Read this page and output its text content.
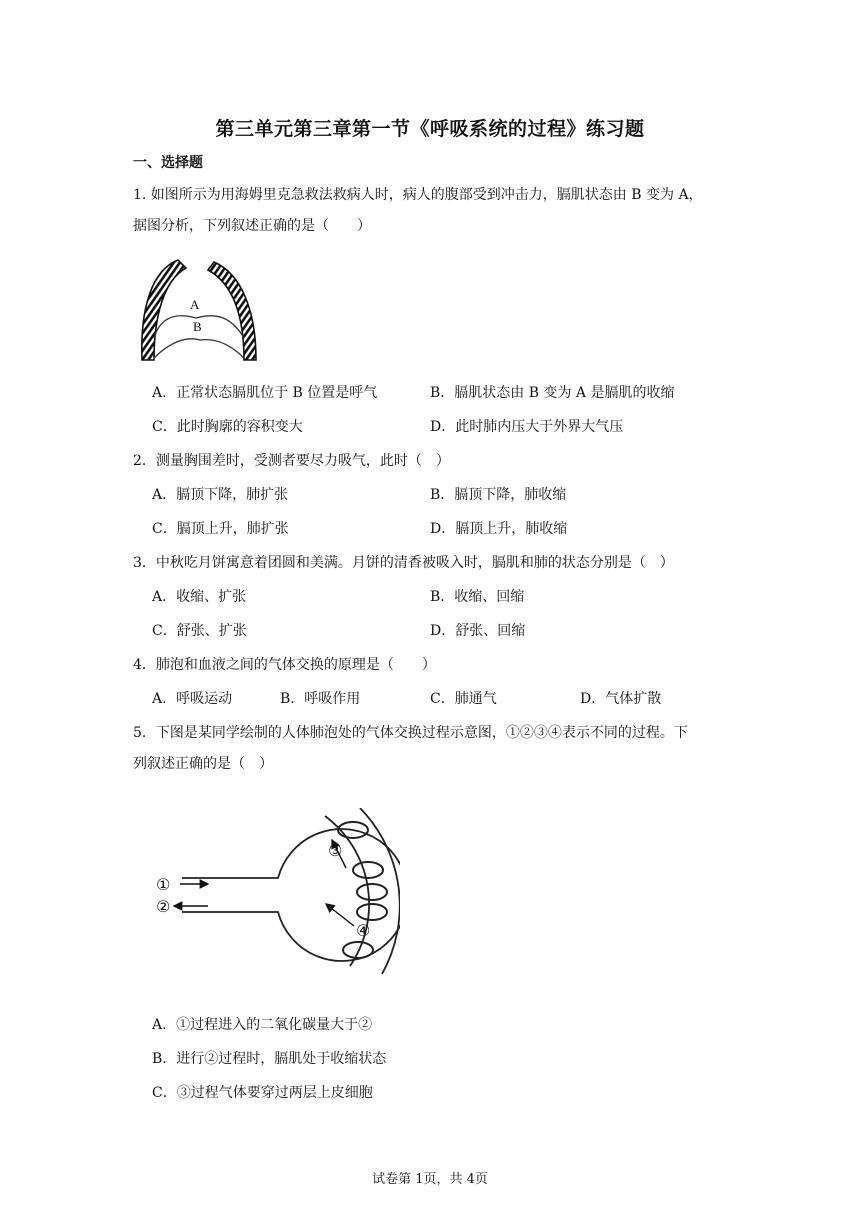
第三单元第三章第一节《呼吸系统的过程》练习题
一、选择题
1. 如图所示为用海姆里克急救法救病人时，病人的腹部受到冲击力，膈肌状态由 B 变为 A，
据图分析，下列叙述正确的是（　　）
A
B
A．正常状态膈肌位于 B 位置是呼气	B．膈肌状态由 B 变为 A 是膈肌的收缩
C．此时胸廓的容积变大	D．此时肺内压大于外界大气压
2．测量胸围差时，受测者要尽力吸气，此时（　）
A．膈顶下降，肺扩张	B．膈顶下降，肺收缩
C．膈顶上升，肺扩张	D．膈顶上升，肺收缩
3．中秋吃月饼寓意着团圆和美满。月饼的清香被吸入时，膈肌和肺的状态分别是（　）
A．收缩、扩张	B．收缩、回缩
C．舒张、扩张	D．舒张、回缩
4．肺泡和血液之间的气体交换的原理是（　　）
A．呼吸运动	B．呼吸作用	C．肺通气	D．气体扩散
5．下图是某同学绘制的人体肺泡处的气体交换过程示意图，①②③④表示不同的过程。下
列叙述正确的是（　）
①
②
③
④
A．①过程进入的二氧化碳量大于②
B．进行②过程时，膈肌处于收缩状态
C．③过程气体要穿过两层上皮细胞
试卷第 1页，共 4页
